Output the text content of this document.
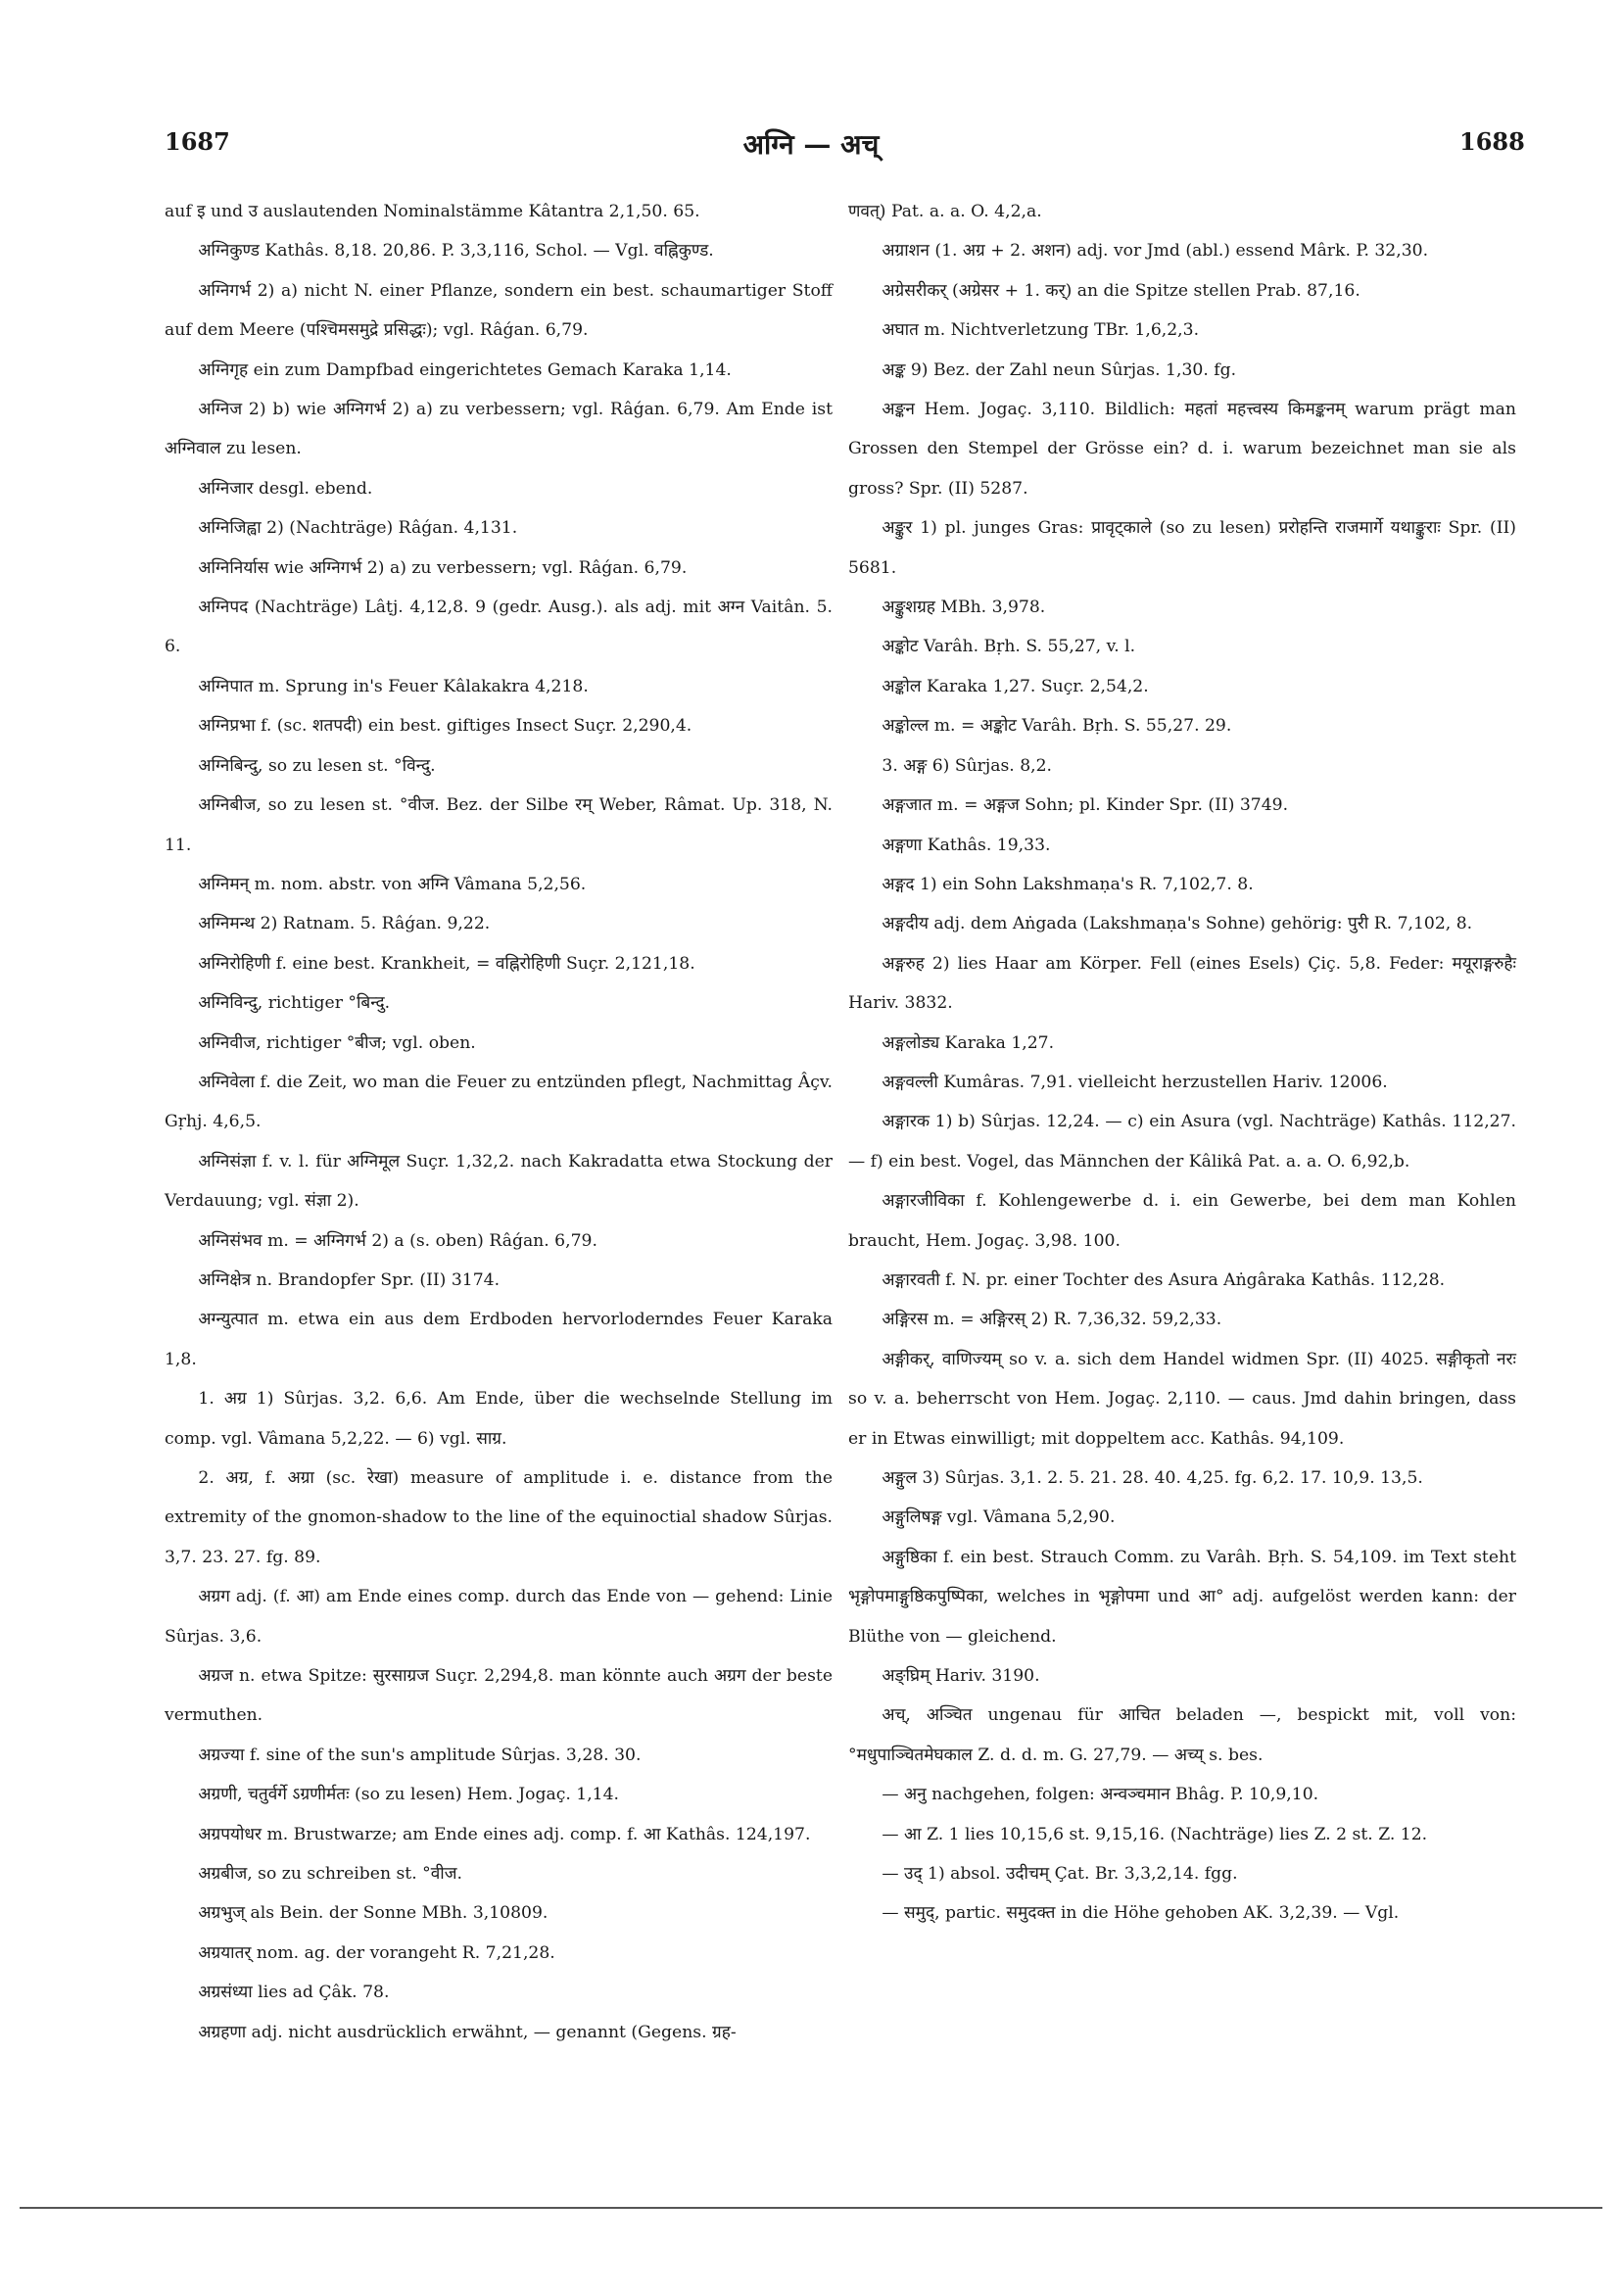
1687	अग्नि — अच्	1688

auf इ und उ auslautenden Nominalstämme Kâtantra 2,1,50. 65.

अग्निकुण्ड Kathâs. 8,18. 20,86. P. 3,3,116, Schol. — Vgl. वह्निकुण्ड.

अग्निगर्भ 2) a) nicht N. einer Pflanze, sondern ein best. schaumartiger Stoff auf dem Meere (पश्चिमसमुद्रे प्रसिद्धः); vgl. Râǵan. 6,79.

अग्निगृह ein zum Dampfbad eingerichtetes Gemach Karaka 1,14.

अग्निज 2) b) wie अग्निगर्भ 2) a) zu verbessern; vgl. Râǵan. 6,79. Am Ende ist अग्निवाल zu lesen.

अग्निजार desgl. ebend.

अग्निजिह्वा 2) (Nachträge) Râǵan. 4,131.

अग्निनिर्यास wie अग्निगर्भ 2) a) zu verbessern; vgl. Râǵan. 6,79.

अग्निपद (Nachträge) Lâṭj. 4,12,8. 9 (gedr. Ausg.). als adj. mit अग्न Vaitân. 5. 6.

अग्निपात m. Sprung in's Feuer Kâlakakra 4,218.

अग्निप्रभा f. (sc. शतपदी) ein best. giftiges Insect Suçr. 2,290,4.

अग्निबिन्दु, so zu lesen st. °विन्दु.

अग्निबीज, so zu lesen st. °वीज. Bez. der Silbe रम् Weber, Râmat. Up. 318, N. 11.

अग्निमन् m. nom. abstr. von अग्नि Vâmana 5,2,56.

अग्निमन्थ 2) Ratnam. 5. Râǵan. 9,22.

अग्निरोहिणी f. eine best. Krankheit, = वह्निरोहिणी Suçr. 2,121,18.

अग्निविन्दु, richtiger °बिन्दु.

अग्निवीज, richtiger °बीज; vgl. oben.

अग्निवेला f. die Zeit, wo man die Feuer zu entzünden pflegt, Nachmittag Âçv. Gṛhj. 4,6,5.

अग्निसंज्ञा f. v. l. für अग्निमूल Suçr. 1,32,2. nach Kakradatta etwa Stockung der Verdauung; vgl. संज्ञा 2).

अग्निसंभव m. = अग्निगर्भ 2) a (s. oben) Râǵan. 6,79.

अग्निक्षेत्र n. Brandopfer Spr. (II) 3174.

अग्न्युत्पात m. etwa ein aus dem Erdboden hervorloderndes Feuer Karaka 1,8.

1. अग्र 1) Sûrjas. 3,2. 6,6. Am Ende, über die wechselnde Stellung im comp. vgl. Vâmana 5,2,22. — 6) vgl. साग्र.

2. अग्र, f. अग्रा (sc. रेखा) measure of amplitude i. e. distance from the extremity of the gnomon-shadow to the line of the equinoctial shadow Sûrjas. 3,7. 23. 27. fg. 89.

अग्रग adj. (f. आ) am Ende eines comp. durch das Ende von — gehend: Linie Sûrjas. 3,6.

अग्रज n. etwa Spitze: सुरसाग्रज Suçr. 2,294,8. man könnte auch अग्रग der beste vermuthen.

अग्रज्या f. sine of the sun's amplitude Sûrjas. 3,28. 30.

अग्रणी, चतुर्वर्गे ऽग्रणीर्मतः (so zu lesen) Hem. Jogaç. 1,14.

अग्रपयोधर m. Brustwarze; am Ende eines adj. comp. f. आ Kathâs. 124,197.

अग्रबीज, so zu schreiben st. °वीज.

अग्रभुज् als Bein. der Sonne MBh. 3,10809.

अग्रयातर् nom. ag. der vorangeht R. 7,21,28.

अग्रसंध्या lies ad Çâk. 78.

अग्रहणा adj. nicht ausdrücklich erwähnt, — genannt (Gegens. ग्रह-

णवत्) Pat. a. a. O. 4,2,a.

अग्राशन (1. अग्र + 2. अशन) adj. vor Jmd (abl.) essend Mârk. P. 32,30.

अग्रेसरीकर् (अग्रेसर + 1. कर्) an die Spitze stellen Prab. 87,16.

अघात m. Nichtverletzung TBr. 1,6,2,3.

अङ्क 9) Bez. der Zahl neun Sûrjas. 1,30. fg.

अङ्कन Hem. Jogaç. 3,110. Bildlich: महतां महत्त्वस्य किमङ्कनम् warum prägt man Grossen den Stempel der Grösse ein? d. i. warum bezeichnet man sie als gross? Spr. (II) 5287.

अङ्कुर 1) pl. junges Gras: प्रावृट्काले (so zu lesen) प्ररोहन्ति राजमार्गे यथाङ्कुराः Spr. (II) 5681.

अङ्कुशग्रह MBh. 3,978.

अङ्कोट Varâh. Bṛh. S. 55,27, v. l.

अङ्कोल Karaka 1,27. Suçr. 2,54,2.

अङ्कोल्ल m. = अङ्कोट Varâh. Bṛh. S. 55,27. 29.

3. अङ्ग 6) Sûrjas. 8,2.

अङ्गजात m. = अङ्गज Sohn; pl. Kinder Spr. (II) 3749.

अङ्गणा Kathâs. 19,33.

अङ्गद 1) ein Sohn Lakshmaṇa's R. 7,102,7. 8.

अङ्गदीय adj. dem Aṅgada (Lakshmaṇa's Sohne) gehörig: पुरी R. 7,102, 8.

अङ्गरुह 2) lies Haar am Körper. Fell (eines Esels) Çiç. 5,8. Feder: मयूराङ्गरुहैः Hariv. 3832.

अङ्गलोड्य Karaka 1,27.

अङ्गवल्ली Kumâras. 7,91. vielleicht herzustellen Hariv. 12006.

अङ्गारक 1) b) Sûrjas. 12,24. — c) ein Asura (vgl. Nachträge) Kathâs. 112,27. — f) ein best. Vogel, das Männchen der Kâlikâ Pat. a. a. O. 6,92,b.

अङ्गारजीविका f. Kohlengewerbe d. i. ein Gewerbe, bei dem man Kohlen braucht, Hem. Jogaç. 3,98. 100.

अङ्गारवती f. N. pr. einer Tochter des Asura Aṅgâraka Kathâs. 112,28.

अङ्गिरस m. = अङ्गिरस् 2) R. 7,36,32. 59,2,33.

अङ्गीकर्, वाणिज्यम् so v. a. sich dem Handel widmen Spr. (II) 4025. सङ्गीकृतो नरः so v. a. beherrscht von Hem. Jogaç. 2,110. — caus. Jmd dahin bringen, dass er in Etwas einwilligt; mit doppeltem acc. Kathâs. 94,109.

अङ्गुल 3) Sûrjas. 3,1. 2. 5. 21. 28. 40. 4,25. fg. 6,2. 17. 10,9. 13,5.

अङ्गुलिषङ्ग vgl. Vâmana 5,2,90.

अङ्गुष्ठिका f. ein best. Strauch Comm. zu Varâh. Bṛh. S. 54,109. im Text steht भृङ्गोपमाङ्गुष्ठिकपुष्पिका, welches in भृङ्गोपमा und आ° adj. aufgelöst werden kann: der Blüthe von — gleichend.

अङ्घ्रिम् Hariv. 3190.

अच्, अञ्चित ungenau für आचित beladen —, bespickt mit, voll von: °मधुपाञ्चितमेघकाल Z. d. d. m. G. 27,79. — अच्य् s. bes.

— अनु nachgehen, folgen: अन्वञ्चमान Bhâg. P. 10,9,10.

— आ Z. 1 lies 10,15,6 st. 9,15,16. (Nachträge) lies Z. 2 st. Z. 12.

— उद् 1) absol. उदीचम् Çat. Br. 3,3,2,14. fgg.

— समुद्, partic. समुदक्त in die Höhe gehoben AK. 3,2,39. — Vgl.
